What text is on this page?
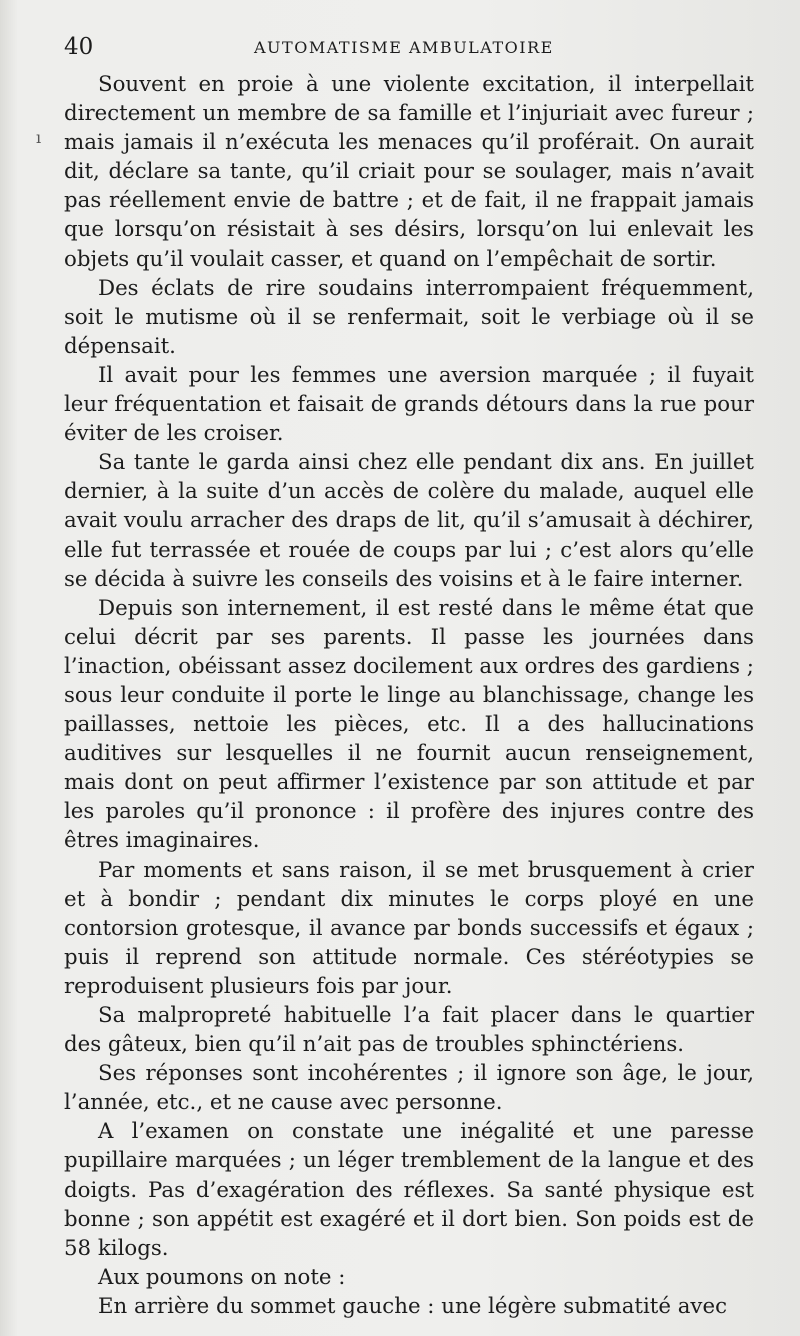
40	AUTOMATISME AMBULATOIRE
ı

Souvent en proie à une violente excitation, il interpellait directement un membre de sa famille et l’injuriait avec fureur ; mais jamais il n’exécuta les menaces qu’il proférait. On aurait dit, déclare sa tante, qu’il criait pour se soulager, mais n’avait pas réellement envie de battre ; et de fait, il ne frappait jamais que lorsqu’on résistait à ses désirs, lorsqu’on lui enlevait les objets qu’il voulait casser, et quand on l’empêchait de sortir.

Des éclats de rire soudains interrompaient fréquemment, soit le mutisme où il se renfermait, soit le verbiage où il se dépensait.

Il avait pour les femmes une aversion marquée ; il fuyait leur fréquentation et faisait de grands détours dans la rue pour éviter de les croiser.

Sa tante le garda ainsi chez elle pendant dix ans. En juillet dernier, à la suite d’un accès de colère du malade, auquel elle avait voulu arracher des draps de lit, qu’il s’amusait à déchirer, elle fut terrassée et rouée de coups par lui ; c’est alors qu’elle se décida à suivre les conseils des voisins et à le faire interner.

Depuis son internement, il est resté dans le même état que celui décrit par ses parents. Il passe les journées dans l’inaction, obéissant assez docilement aux ordres des gardiens ; sous leur conduite il porte le linge au blanchissage, change les paillasses, nettoie les pièces, etc. Il a des hallucinations auditives sur lesquelles il ne fournit aucun renseignement, mais dont on peut affirmer l’existence par son attitude et par les paroles qu’il prononce : il profère des injures contre des êtres imaginaires.

Par moments et sans raison, il se met brusquement à crier et à bondir ; pendant dix minutes le corps ployé en une contorsion grotesque, il avance par bonds successifs et égaux ; puis il reprend son attitude normale. Ces stéréotypies se reproduisent plusieurs fois par jour.

Sa malpropreté habituelle l’a fait placer dans le quartier des gâteux, bien qu’il n’ait pas de troubles sphinctériens.

Ses réponses sont incohérentes ; il ignore son âge, le jour, l’année, etc., et ne cause avec personne.

A l’examen on constate une inégalité et une paresse pupillaire marquées ; un léger tremblement de la langue et des doigts. Pas d’exagération des réflexes. Sa santé physique est bonne ; son appétit est exagéré et il dort bien. Son poids est de 58 kilogs.

Aux poumons on note :

En arrière du sommet gauche : une légère submatité avec
